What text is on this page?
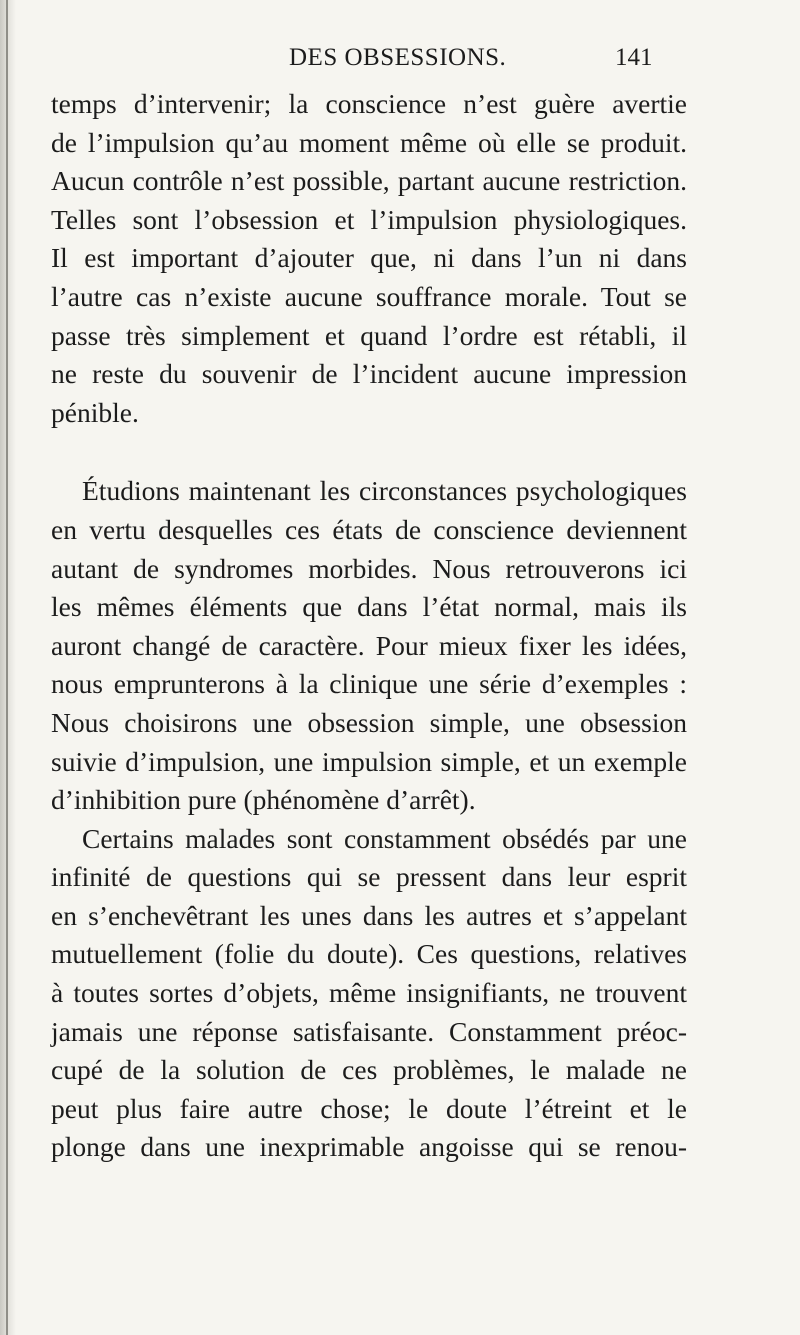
DES OBSESSIONS.	141
temps d’intervenir; la conscience n’est guère avertie
de l’impulsion qu’au moment même où elle se produit.
Aucun contrôle n’est possible, partant aucune restriction.
Telles sont l’obsession et l’impulsion physiologiques.
Il est important d’ajouter que, ni dans l’un ni dans
l’autre cas n’existe aucune souffrance morale. Tout se
passe très simplement et quand l’ordre est rétabli, il
ne reste du souvenir de l’incident aucune impression
pénible.
Étudions maintenant les circonstances psychologiques
en vertu desquelles ces états de conscience deviennent
autant de syndromes morbides. Nous retrouverons ici
les mêmes éléments que dans l’état normal, mais ils
auront changé de caractère. Pour mieux fixer les idées,
nous emprunterons à la clinique une série d’exemples :
Nous choisirons une obsession simple, une obsession
suivie d’impulsion, une impulsion simple, et un exemple
d’inhibition pure (phénomène d’arrêt).
Certains malades sont constamment obsédés par une
infinité de questions qui se pressent dans leur esprit
en s’enchevêtrant les unes dans les autres et s’appelant
mutuellement (folie du doute). Ces questions, relatives
à toutes sortes d’objets, même insignifiants, ne trouvent
jamais une réponse satisfaisante. Constamment préoc-
cupé de la solution de ces problèmes, le malade ne
peut plus faire autre chose; le doute l’étreint et le
plonge dans une inexprimable angoisse qui se renou-
